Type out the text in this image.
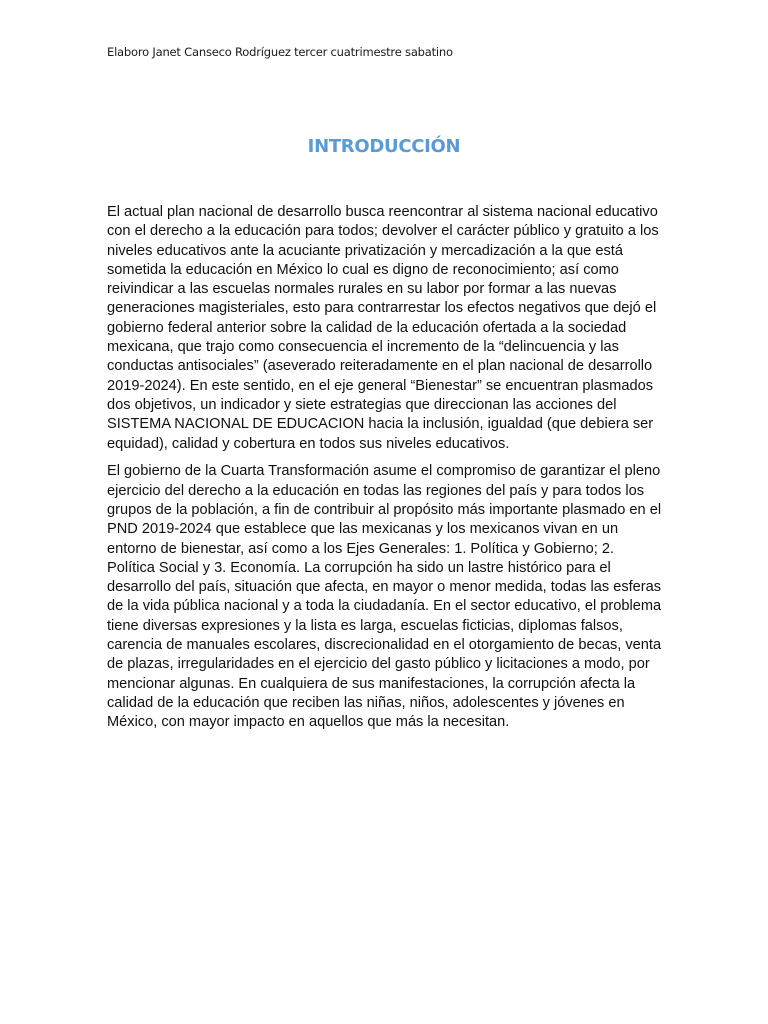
Elaboro Janet Canseco Rodríguez tercer cuatrimestre sabatino
INTRODUCCIÓN

El actual plan nacional de desarrollo busca reencontrar al sistema nacional educativo con el derecho a la educación para todos; devolver el carácter público y gratuito a los niveles educativos ante la acuciante privatización y mercadización a la que está sometida la educación en México lo cual es digno de reconocimiento; así como reivindicar a las escuelas normales rurales en su labor por formar a las nuevas generaciones magisteriales, esto para contrarrestar los efectos negativos que dejó el gobierno federal anterior sobre la calidad de la educación ofertada a la sociedad mexicana, que trajo como consecuencia el incremento de la “delincuencia y las conductas antisociales” (aseverado reiteradamente en el plan nacional de desarrollo 2019-2024). En este sentido, en el eje general “Bienestar” se encuentran plasmados dos objetivos, un indicador y siete estrategias que direccionan las acciones del SISTEMA NACIONAL DE EDUCACION hacia la inclusión, igualdad (que debiera ser equidad), calidad y cobertura en todos sus niveles educativos.

El gobierno de la Cuarta Transformación asume el compromiso de garantizar el pleno ejercicio del derecho a la educación en todas las regiones del país y para todos los grupos de la población, a fin de contribuir al propósito más importante plasmado en el PND 2019-2024 que establece que las mexicanas y los mexicanos vivan en un entorno de bienestar, así como a los Ejes Generales: 1. Política y Gobierno; 2. Política Social y 3. Economía. La corrupción ha sido un lastre histórico para el desarrollo del país, situación que afecta, en mayor o menor medida, todas las esferas de la vida pública nacional y a toda la ciudadanía. En el sector educativo, el problema tiene diversas expresiones y la lista es larga, escuelas ficticias, diplomas falsos, carencia de manuales escolares, discrecionalidad en el otorgamiento de becas, venta de plazas, irregularidades en el ejercicio del gasto público y licitaciones a modo, por mencionar algunas. En cualquiera de sus manifestaciones, la corrupción afecta la calidad de la educación que reciben las niñas, niños, adolescentes y jóvenes en México, con mayor impacto en aquellos que más la necesitan.
